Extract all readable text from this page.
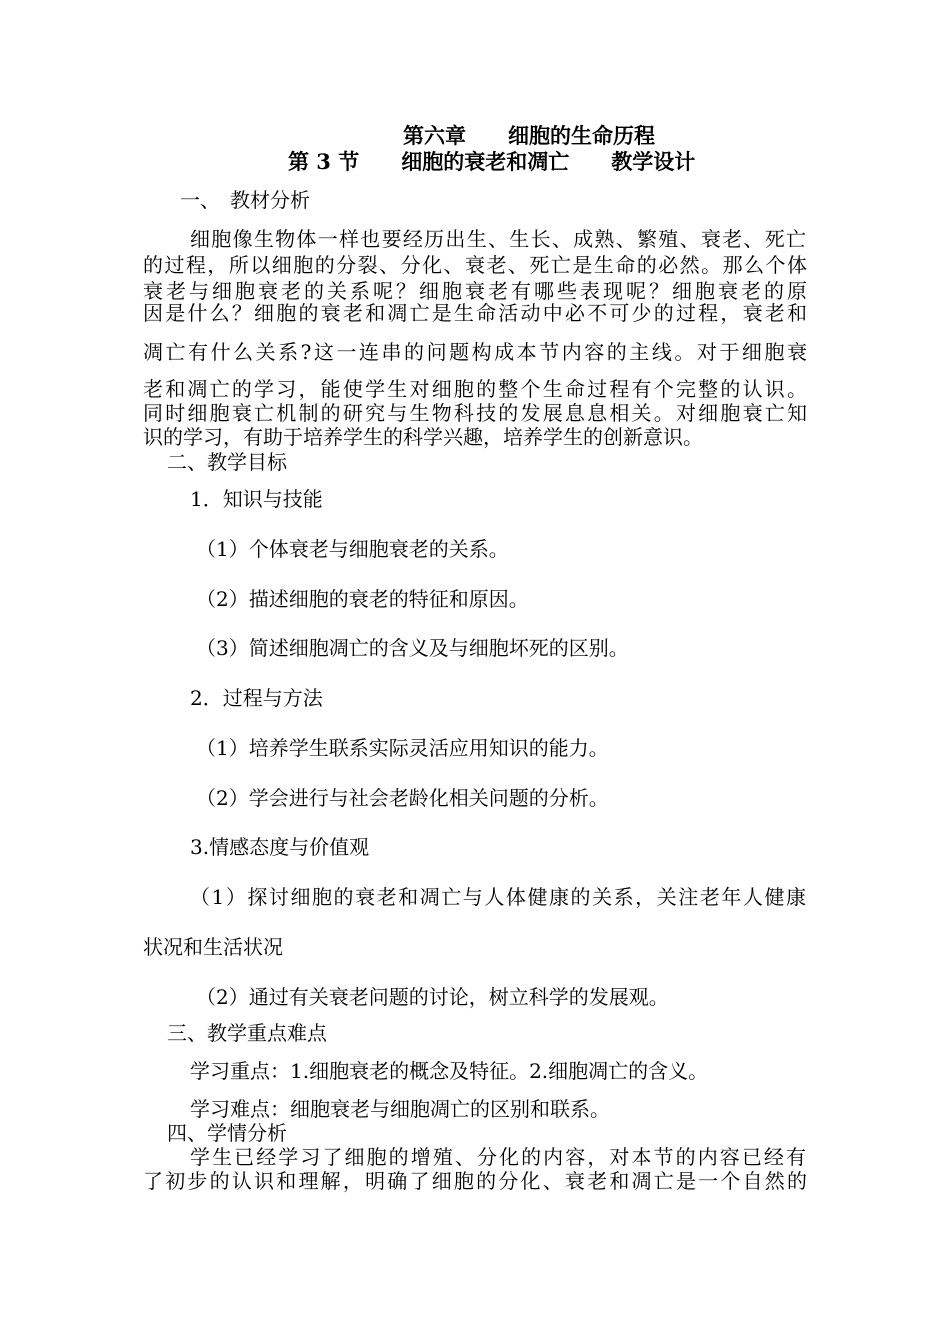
第六章　　细胞的生命历程
第 3 节　　细胞的衰老和凋亡　　教学设计
一、　教材分析
细胞像生物体一样也要经历出生、生长、成熟、繁殖、衰老、死亡
的过程，所以细胞的分裂、分化、衰老、死亡是生命的必然。那么个体
衰老与细胞衰老的关系呢？细胞衰老有哪些表现呢？细胞衰老的原
因是什么？细胞的衰老和凋亡是生命活动中必不可少的过程，衰老和
凋亡有什么关系?这一连串的问题构成本节内容的主线。对于细胞衰
老和凋亡的学习，能使学生对细胞的整个生命过程有个完整的认识。
同时细胞衰亡机制的研究与生物科技的发展息息相关。对细胞衰亡知
识的学习，有助于培养学生的科学兴趣，培养学生的创新意识。
二、教学目标
1．知识与技能
（1）个体衰老与细胞衰老的关系。
（2）描述细胞的衰老的特征和原因。
（3）简述细胞凋亡的含义及与细胞坏死的区别。
2．过程与方法
（1）培养学生联系实际灵活应用知识的能力。
（2）学会进行与社会老龄化相关问题的分析。
3.情感态度与价值观
（1）探讨细胞的衰老和凋亡与人体健康的关系，关注老年人健康
状况和生活状况
（2）通过有关衰老问题的讨论，树立科学的发展观。
三、教学重点难点
学习重点：1.细胞衰老的概念及特征。2.细胞凋亡的含义。
学习难点：细胞衰老与细胞凋亡的区别和联系。
四、学情分析
学生已经学习了细胞的增殖、分化的内容，对本节的内容已经有
了初步的认识和理解，明确了细胞的分化、衰老和凋亡是一个自然的
